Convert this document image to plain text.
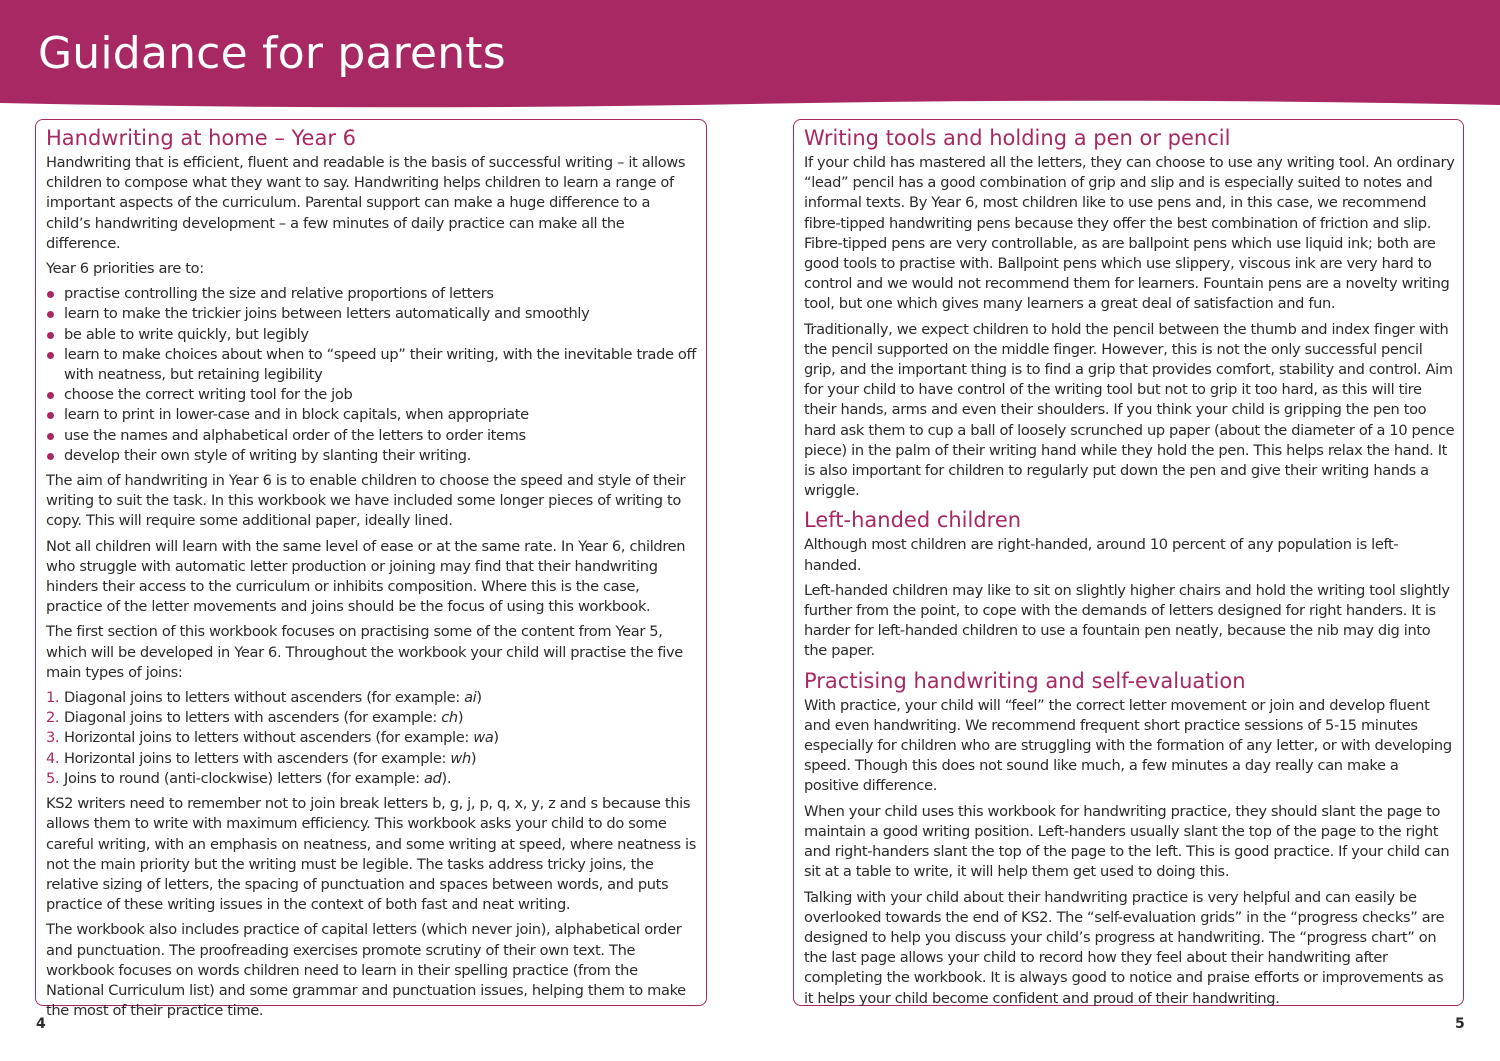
Guidance for parents
Handwriting at home – Year 6

Handwriting that is efficient, fluent and readable is the basis of successful writing – it allows children to compose what they want to say. Handwriting helps children to learn a range of important aspects of the curriculum. Parental support can make a huge difference to a child’s handwriting development – a few minutes of daily practice can make all the difference.

Year 6 priorities are to:

practise controlling the size and relative proportions of letters
learn to make the trickier joins between letters automatically and smoothly
be able to write quickly, but legibly
learn to make choices about when to “speed up” their writing, with the inevitable trade off with neatness, but retaining legibility
choose the correct writing tool for the job
learn to print in lower-case and in block capitals, when appropriate
use the names and alphabetical order of the letters to order items
develop their own style of writing by slanting their writing.

The aim of handwriting in Year 6 is to enable children to choose the speed and style of their writing to suit the task. In this workbook we have included some longer pieces of writing to copy. This will require some additional paper, ideally lined.

Not all children will learn with the same level of ease or at the same rate. In Year 6, children who struggle with automatic letter production or joining may find that their handwriting hinders their access to the curriculum or inhibits composition. Where this is the case, practice of the letter movements and joins should be the focus of using this workbook.

The first section of this workbook focuses on practising some of the content from Year 5, which will be developed in Year 6. Throughout the workbook your child will practise the five main types of joins:

1. Diagonal joins to letters without ascenders (for example: ai)
2. Diagonal joins to letters with ascenders (for example: ch)
3. Horizontal joins to letters without ascenders (for example: wa)
4. Horizontal joins to letters with ascenders (for example: wh)
5. Joins to round (anti-clockwise) letters (for example: ad).

KS2 writers need to remember not to join break letters b, g, j, p, q, x, y, z and s because this allows them to write with maximum efficiency. This workbook asks your child to do some careful writing, with an emphasis on neatness, and some writing at speed, where neatness is not the main priority but the writing must be legible. The tasks address tricky joins, the relative sizing of letters, the spacing of punctuation and spaces between words, and puts practice of these writing issues in the context of both fast and neat writing.

The workbook also includes practice of capital letters (which never join), alphabetical order and punctuation. The proofreading exercises promote scrutiny of their own text. The workbook focuses on words children need to learn in their spelling practice (from the National Curriculum list) and some grammar and punctuation issues, helping them to make the most of their practice time.

Writing tools and holding a pen or pencil

If your child has mastered all the letters, they can choose to use any writing tool. An ordinary “lead” pencil has a good combination of grip and slip and is especially suited to notes and informal texts. By Year 6, most children like to use pens and, in this case, we recommend fibre-tipped handwriting pens because they offer the best combination of friction and slip. Fibre-tipped pens are very controllable, as are ballpoint pens which use liquid ink; both are good tools to practise with. Ballpoint pens which use slippery, viscous ink are very hard to control and we would not recommend them for learners. Fountain pens are a novelty writing tool, but one which gives many learners a great deal of satisfaction and fun.

Traditionally, we expect children to hold the pencil between the thumb and index finger with the pencil supported on the middle finger. However, this is not the only successful pencil grip, and the important thing is to find a grip that provides comfort, stability and control. Aim for your child to have control of the writing tool but not to grip it too hard, as this will tire their hands, arms and even their shoulders. If you think your child is gripping the pen too hard ask them to cup a ball of loosely scrunched up paper (about the diameter of a 10 pence piece) in the palm of their writing hand while they hold the pen. This helps relax the hand. It is also important for children to regularly put down the pen and give their writing hands a wriggle.

Left-handed children

Although most children are right-handed, around 10 percent of any population is left-handed.

Left-handed children may like to sit on slightly higher chairs and hold the writing tool slightly further from the point, to cope with the demands of letters designed for right handers. It is harder for left-handed children to use a fountain pen neatly, because the nib may dig into the paper.

Practising handwriting and self-evaluation

With practice, your child will “feel” the correct letter movement or join and develop fluent and even handwriting. We recommend frequent short practice sessions of 5-15 minutes especially for children who are struggling with the formation of any letter, or with developing speed. Though this does not sound like much, a few minutes a day really can make a positive difference.

When your child uses this workbook for handwriting practice, they should slant the page to maintain a good writing position. Left-handers usually slant the top of the page to the right and right-handers slant the top of the page to the left. This is good practice. If your child can sit at a table to write, it will help them get used to doing this.

Talking with your child about their handwriting practice is very helpful and can easily be overlooked towards the end of KS2. The “self-evaluation grids” in the “progress checks” are designed to help you discuss your child’s progress at handwriting. The “progress chart” on the last page allows your child to record how they feel about their handwriting after completing the workbook. It is always good to notice and praise efforts or improvements as it helps your child become confident and proud of their handwriting.

4	5
